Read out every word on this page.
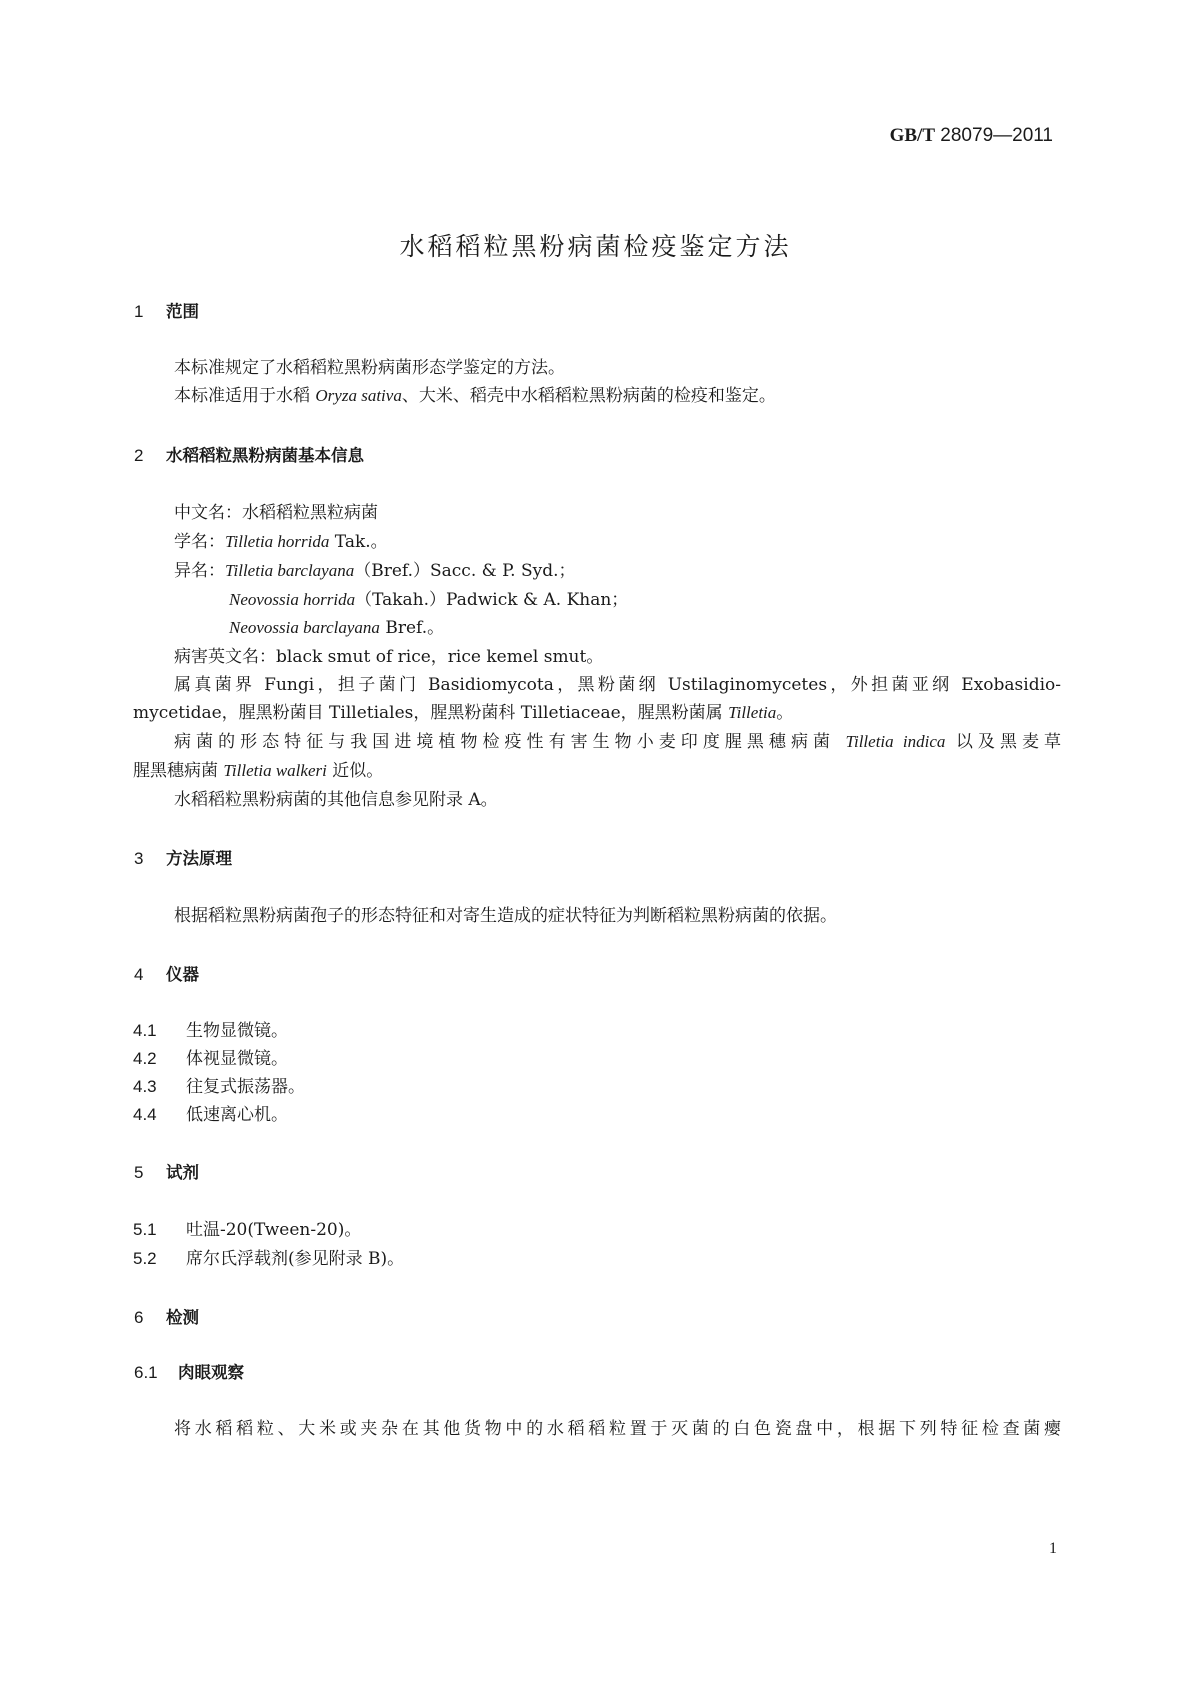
GB/T 28079—2011
水稻稻粒黑粉病菌检疫鉴定方法
1 范围
本标准规定了水稻稻粒黑粉病菌形态学鉴定的方法。
本标准适用于水稻 Oryza sativa、大米、稻壳中水稻稻粒黑粉病菌的检疫和鉴定。
2 水稻稻粒黑粉病菌基本信息
中文名：水稻稻粒黑粒病菌
学名：Tilletia horrida Tak.。
异名：Tilletia barclayana（Bref.）Sacc. & P. Syd.；
Neovossia horrida（Takah.）Padwick & A. Khan；
Neovossia barclayana Bref.。
病害英文名：black smut of rice，rice kemel smut。
属真菌界 Fungi，担子菌门 Basidiomycota，黑粉菌纲 Ustilaginomycetes，外担菌亚纲 Exobasidio-
mycetidae，腥黑粉菌目 Tilletiales，腥黑粉菌科 Tilletiaceae，腥黑粉菌属 Tilletia。
病菌的形态特征与我国进境植物检疫性有害生物小麦印度腥黑穗病菌 Tilletia indica 以及黑麦草
腥黑穗病菌 Tilletia walkeri 近似。
水稻稻粒黑粉病菌的其他信息参见附录 A。
3 方法原理
根据稻粒黑粉病菌孢子的形态特征和对寄生造成的症状特征为判断稻粒黑粉病菌的依据。
4 仪器
4.1 生物显微镜。
4.2 体视显微镜。
4.3 往复式振荡器。
4.4 低速离心机。
5 试剂
5.1 吐温-20(Tween-20)。
5.2 席尔氏浮载剂(参见附录 B)。
6 检测
6.1 肉眼观察
将水稻稻粒、大米或夹杂在其他货物中的水稻稻粒置于灭菌的白色瓷盘中，根据下列特征检查菌瘿
1
